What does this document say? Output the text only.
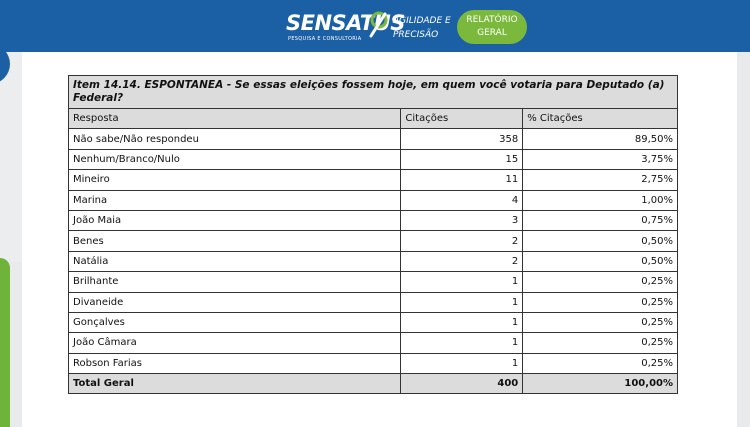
SENSATUS
PESQUISA E CONSULTORIA
AGILIDADE E
PRECISÃO
RELATÓRIO
GERAL
Item 14.14. ESPONTANEA - Se essas eleições fossem hoje, em quem você votaria para Deputado (a) Federal?		
Resposta	Citações	% Citações
Não sabe/Não respondeu	358	89,50%
Nenhum/Branco/Nulo	15	3,75%
Mineiro	11	2,75%
Marina	4	1,00%
João Maia	3	0,75%
Benes	2	0,50%
Natália	2	0,50%
Brilhante	1	0,25%
Divaneide	1	0,25%
Gonçalves	1	0,25%
João Câmara	1	0,25%
Robson Farias	1	0,25%
Total Geral	400	100,00%
